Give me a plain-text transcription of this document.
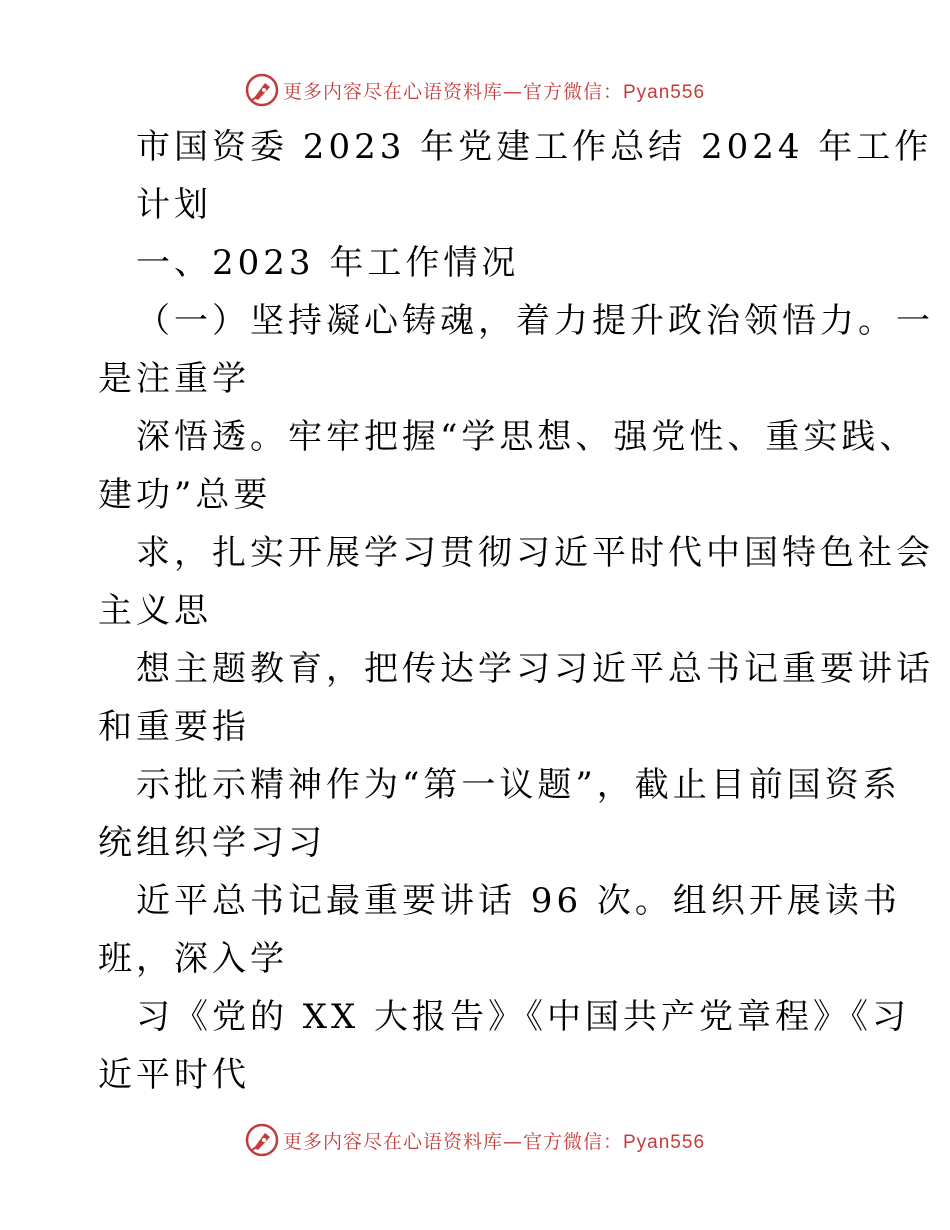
更多内容尽在心语资料库—官方微信：Pyan556
市国资委 2023 年党建工作总结 2024 年工作
计划
一、2023 年工作情况
（一）坚持凝心铸魂，着力提升政治领悟力。一
是注重学
深悟透。牢牢把握“学思想、强党性、重实践、
建功”总要
求，扎实开展学习贯彻习近平时代中国特色社会
主义思
想主题教育，把传达学习习近平总书记重要讲话
和重要指
示批示精神作为“第一议题”，截止目前国资系
统组织学习习
近平总书记最重要讲话 96 次。组织开展读书
班，深入学
习《党的 XX 大报告》《中国共产党章程》《习
近平时代
更多内容尽在心语资料库—官方微信：Pyan556
